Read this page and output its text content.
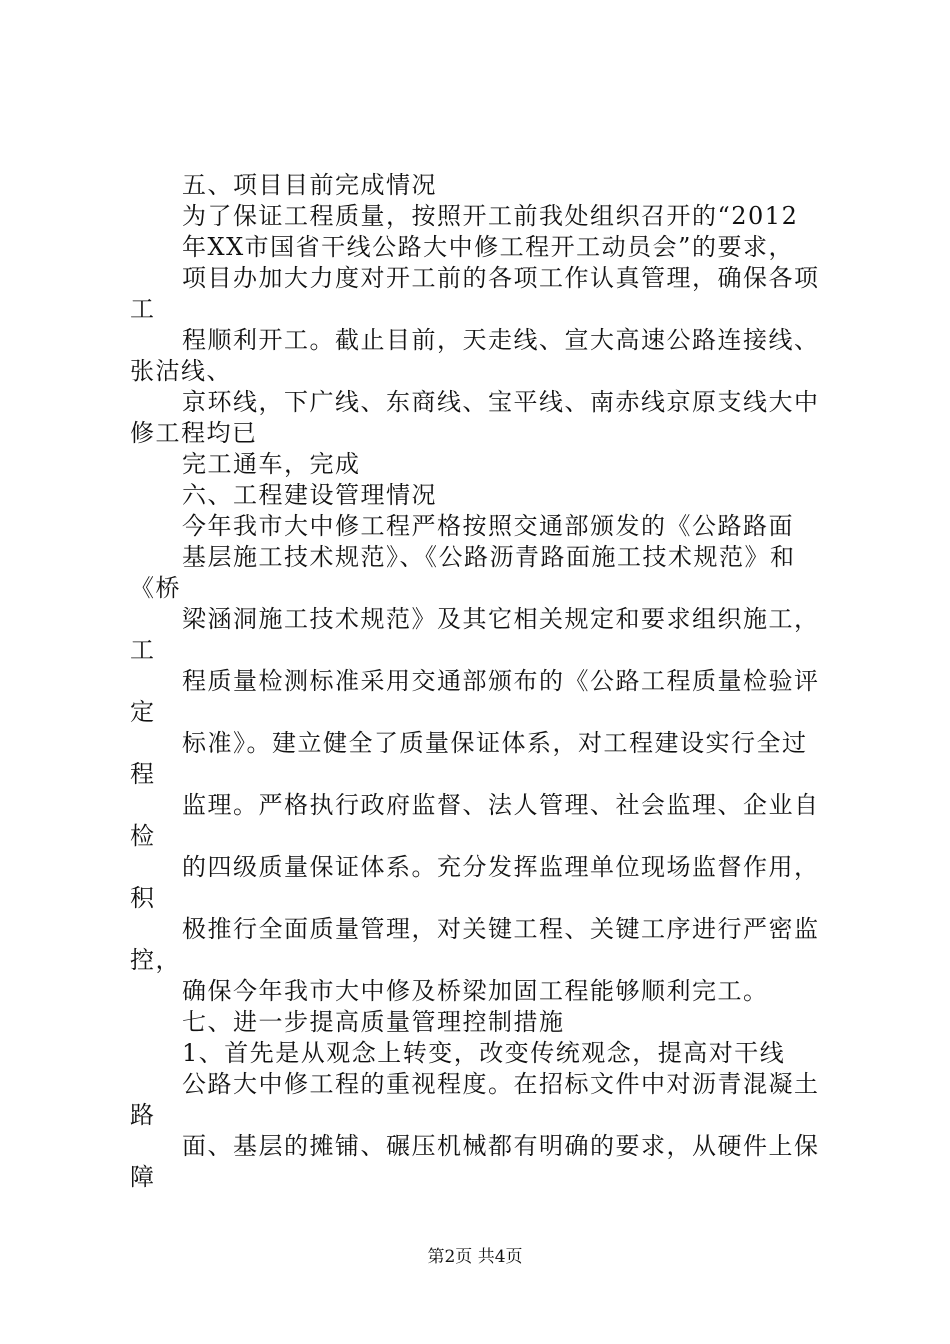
五、项目目前完成情况
为了保证工程质量，按照开工前我处组织召开的“2012
年XX市国省干线公路大中修工程开工动员会”的要求，
项目办加大力度对开工前的各项工作认真管理，确保各项
工
程顺利开工。截止目前，天走线、宣大高速公路连接线、
张沽线、
京环线，下广线、东商线、宝平线、南赤线京原支线大中
修工程均已
完工通车，完成
六、工程建设管理情况
今年我市大中修工程严格按照交通部颁发的《公路路面
基层施工技术规范》、《公路沥青路面施工技术规范》和
《桥
梁涵洞施工技术规范》及其它相关规定和要求组织施工，
工
程质量检测标准采用交通部颁布的《公路工程质量检验评
定
标准》。建立健全了质量保证体系，对工程建设实行全过
程
监理。严格执行政府监督、法人管理、社会监理、企业自
检
的四级质量保证体系。充分发挥监理单位现场监督作用，
积
极推行全面质量管理，对关键工程、关键工序进行严密监
控，
确保今年我市大中修及桥梁加固工程能够顺利完工。
七、进一步提高质量管理控制措施
1、首先是从观念上转变，改变传统观念，提高对干线
公路大中修工程的重视程度。在招标文件中对沥青混凝土
路
面、基层的摊铺、碾压机械都有明确的要求，从硬件上保
障
第2页 共4页
